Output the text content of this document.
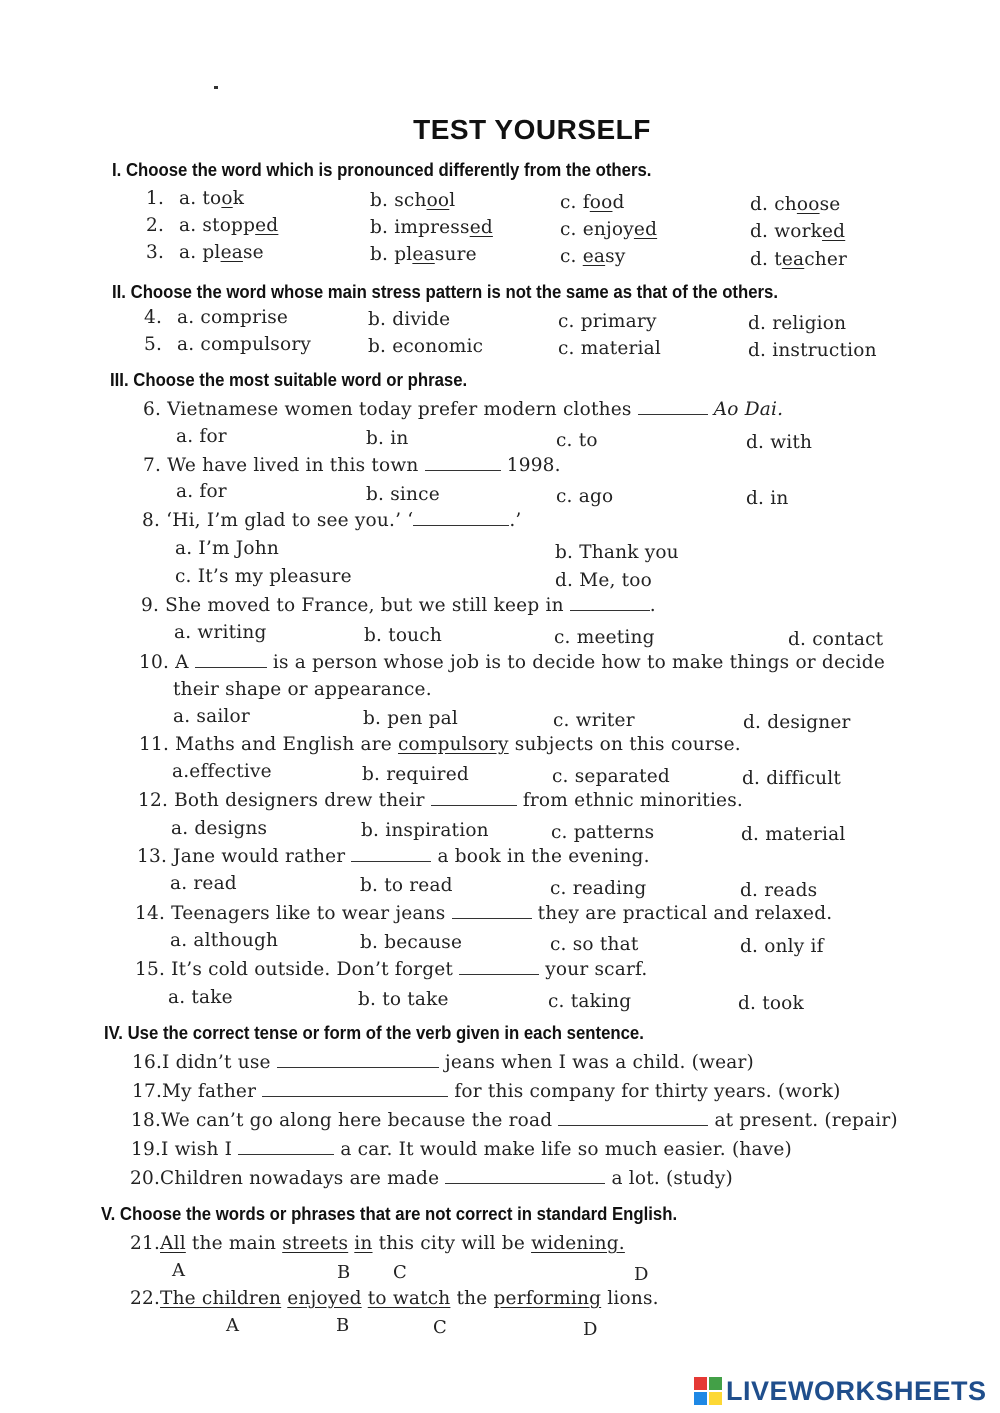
TEST YOURSELF
I. Choose the word which is pronounced differently from the others.
1. a. took	b. school	c. food	d. choose
2. a. stopped	b. impressed	c. enjoyed	d. worked
3. a. please	b. pleasure	c. easy	d. teacher
II. Choose the word whose main stress pattern is not the same as that of the others.
4. a. comprise	b. divide	c. primary	d. religion
5. a. compulsory	b. economic	c. material	d. instruction
III. Choose the most suitable word or phrase.
6. Vietnamese women today prefer modern clothes	Ao Dai.
a. for	b. in	c. to	d. with
7. We have lived in this town	1998.
a. for	b. since	c. ago	d. in
8. ‘Hi, I’m glad to see you.’ ‘	.’
a. I’m John	b. Thank you
c. It’s my pleasure	d. Me, too
9. She moved to France, but we still keep in	.
a. writing	b. touch	c. meeting	d. contact
10. A	is a person whose job is to decide how to make things or decide
their shape or appearance.
a. sailor	b. pen pal	c. writer	d. designer
11. Maths and English are compulsory subjects on this course.
a.effective	b. required	c. separated	d. difficult
12. Both designers drew their	from ethnic minorities.
a. designs	b. inspiration	c. patterns	d. material
13. Jane would rather	a book in the evening.
a. read	b. to read	c. reading	d. reads
14. Teenagers like to wear jeans	they are practical and relaxed.
a. although	b. because	c. so that	d. only if
15. It’s cold outside. Don’t forget	your scarf.
a. take	b. to take	c. taking	d. took
IV. Use the correct tense or form of the verb given in each sentence.
16.I didn’t use	jeans when I was a child. (wear)
17.My father	for this company for thirty years. (work)
18.We can’t go along here because the road	at present. (repair)
19.I wish I	a car. It would make life so much easier. (have)
20.Children nowadays are made	a lot. (study)
V. Choose the words or phrases that are not correct in standard English.
21.All the main streets in this city will be widening.
A	B C	D
22.The children enjoyed to watch the performing lions.
A	B	C	D
LIVEWORKSHEETS
